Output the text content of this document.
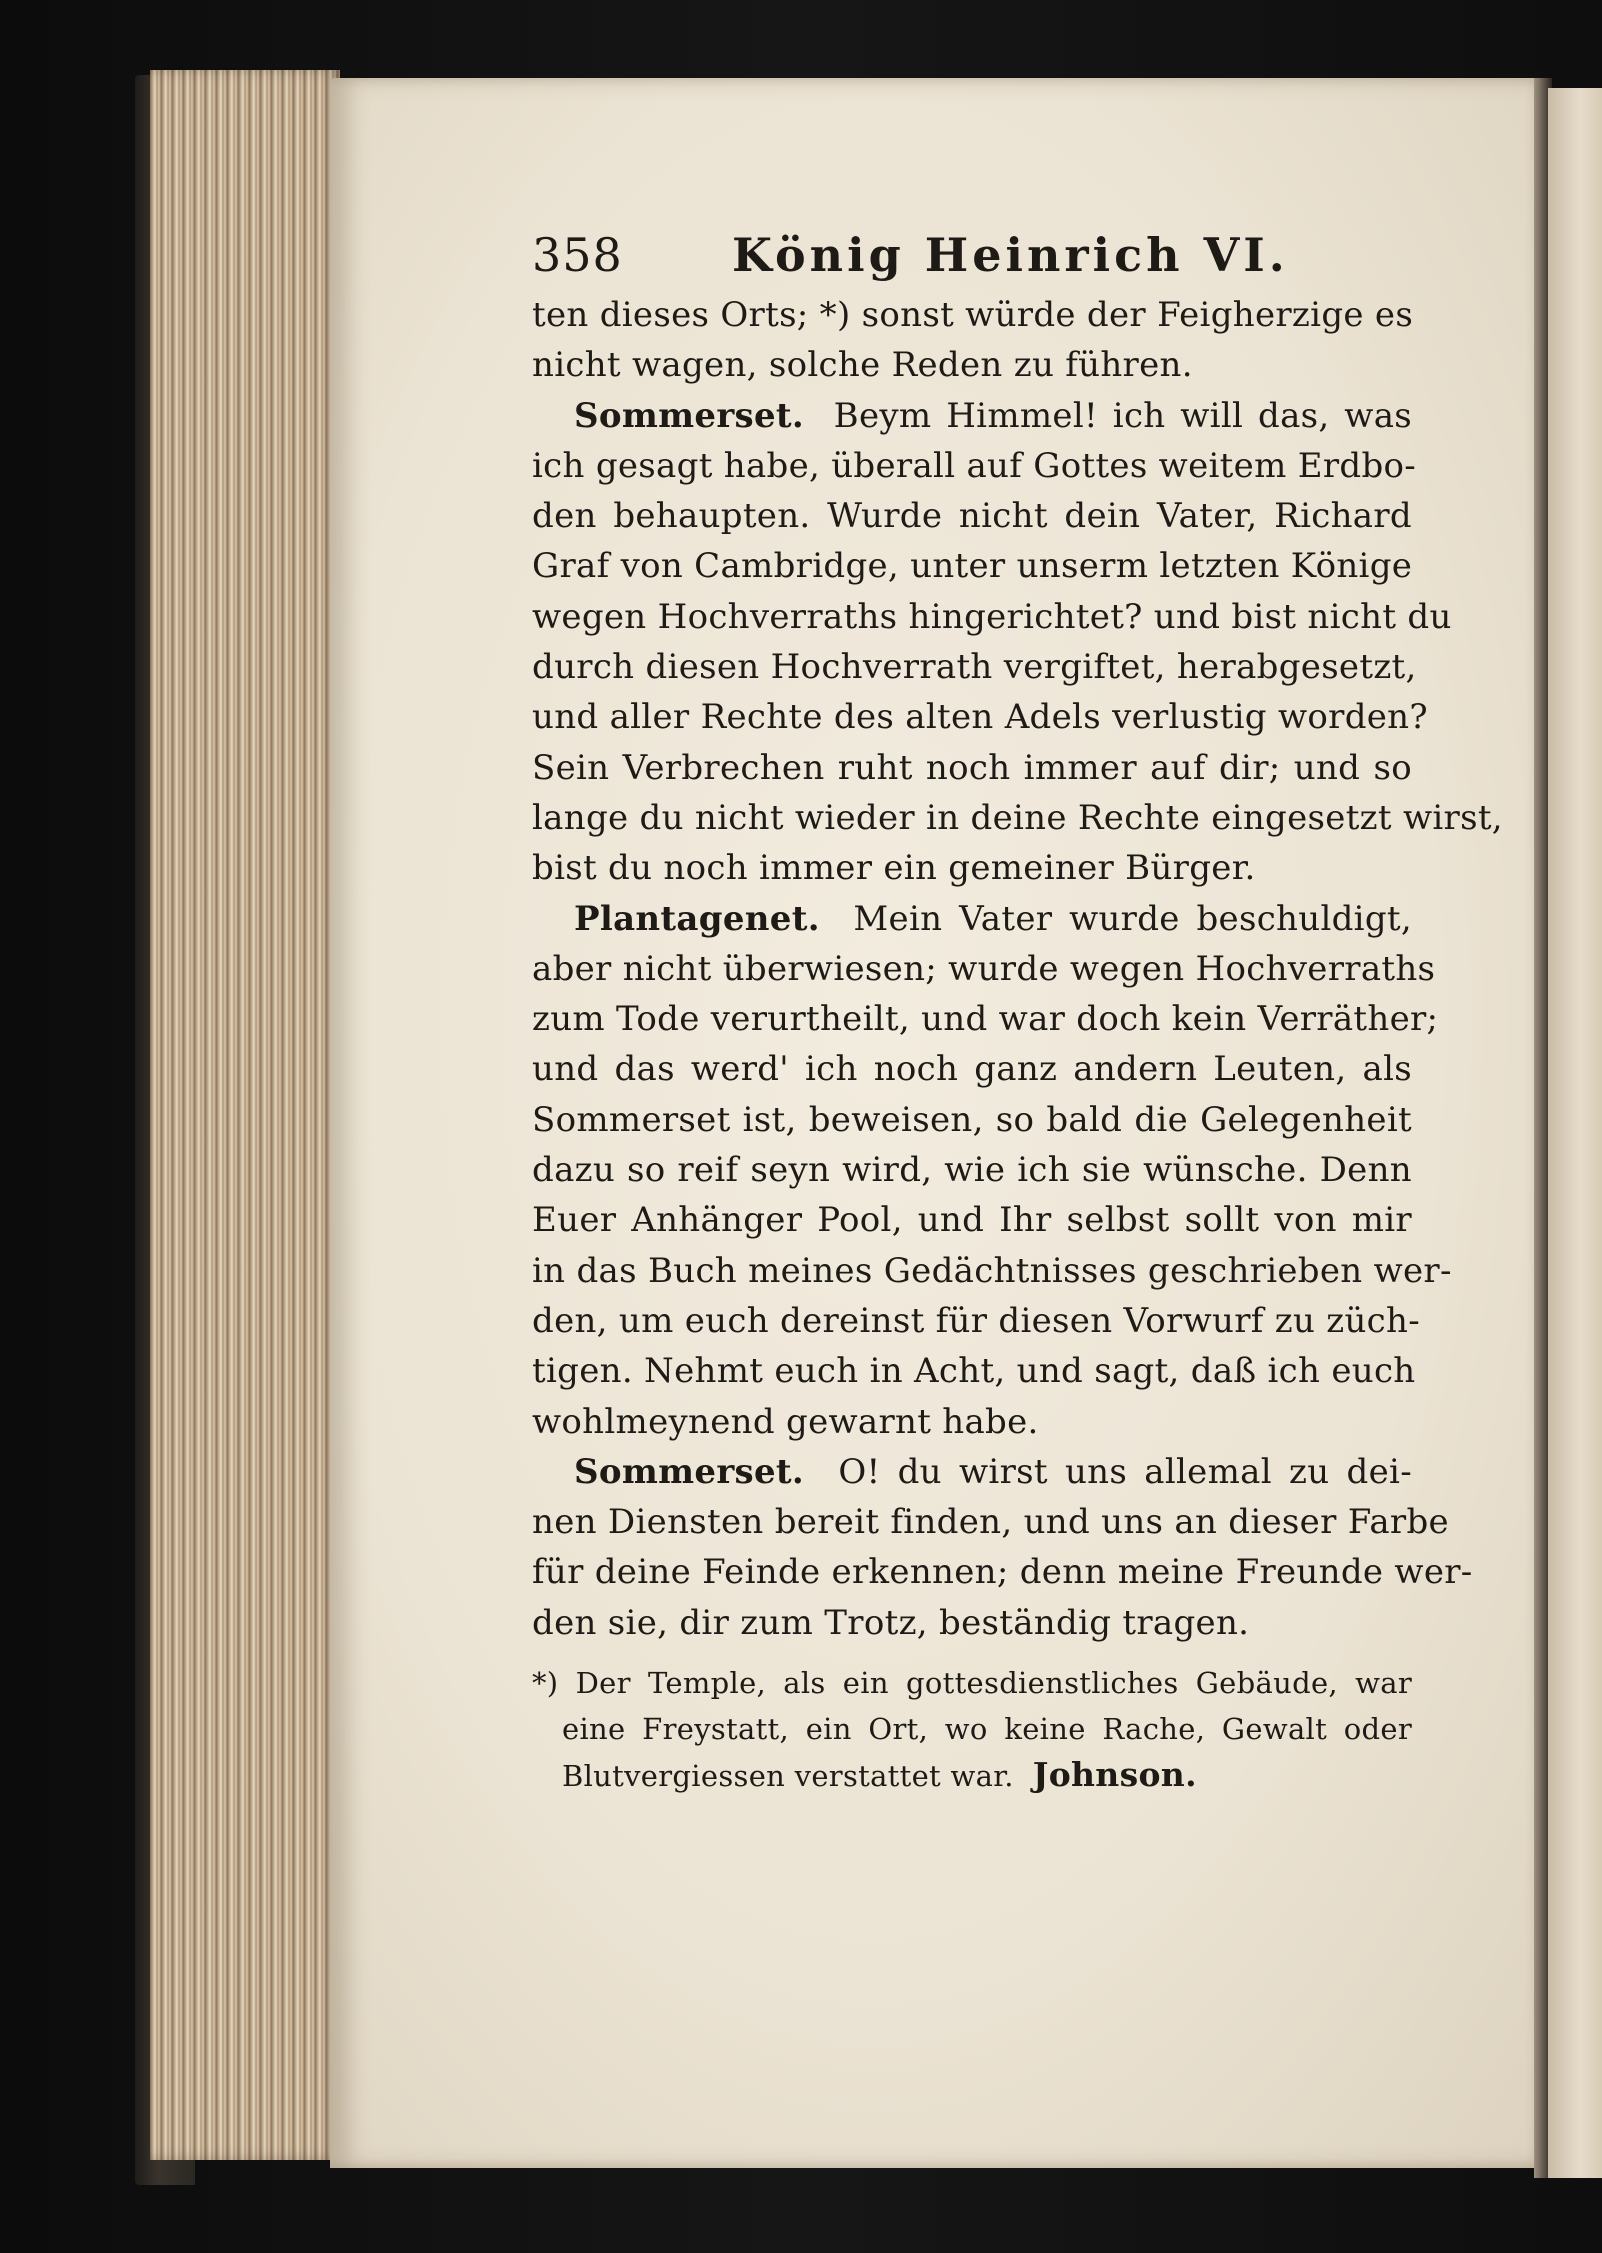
358	König Heinrich VI.
ten dieses Orts; *) sonst würde der Feigherzige es
nicht wagen, solche Reden zu führen.
Sommerset. Beym Himmel! ich will das, was
ich gesagt habe, überall auf Gottes weitem Erdbo-
den behaupten. Wurde nicht dein Vater, Richard
Graf von Cambridge, unter unserm letzten Könige
wegen Hochverraths hingerichtet? und bist nicht du
durch diesen Hochverrath vergiftet, herabgesetzt,
und aller Rechte des alten Adels verlustig worden?
Sein Verbrechen ruht noch immer auf dir; und so
lange du nicht wieder in deine Rechte eingesetzt wirst,
bist du noch immer ein gemeiner Bürger.
Plantagenet. Mein Vater wurde beschuldigt,
aber nicht überwiesen; wurde wegen Hochverraths
zum Tode verurtheilt, und war doch kein Verräther;
und das werd' ich noch ganz andern Leuten, als
Sommerset ist, beweisen, so bald die Gelegenheit
dazu so reif seyn wird, wie ich sie wünsche. Denn
Euer Anhänger Pool, und Ihr selbst sollt von mir
in das Buch meines Gedächtnisses geschrieben wer-
den, um euch dereinst für diesen Vorwurf zu züch-
tigen. Nehmt euch in Acht, und sagt, daß ich euch
wohlmeynend gewarnt habe.
Sommerset. O! du wirst uns allemal zu dei-
nen Diensten bereit finden, und uns an dieser Farbe
für deine Feinde erkennen; denn meine Freunde wer-
den sie, dir zum Trotz, beständig tragen.
*) Der Temple, als ein gottesdienstliches Gebäude, war
eine Freystatt, ein Ort, wo keine Rache, Gewalt oder
Blutvergiessen verstattet war. Johnson.
